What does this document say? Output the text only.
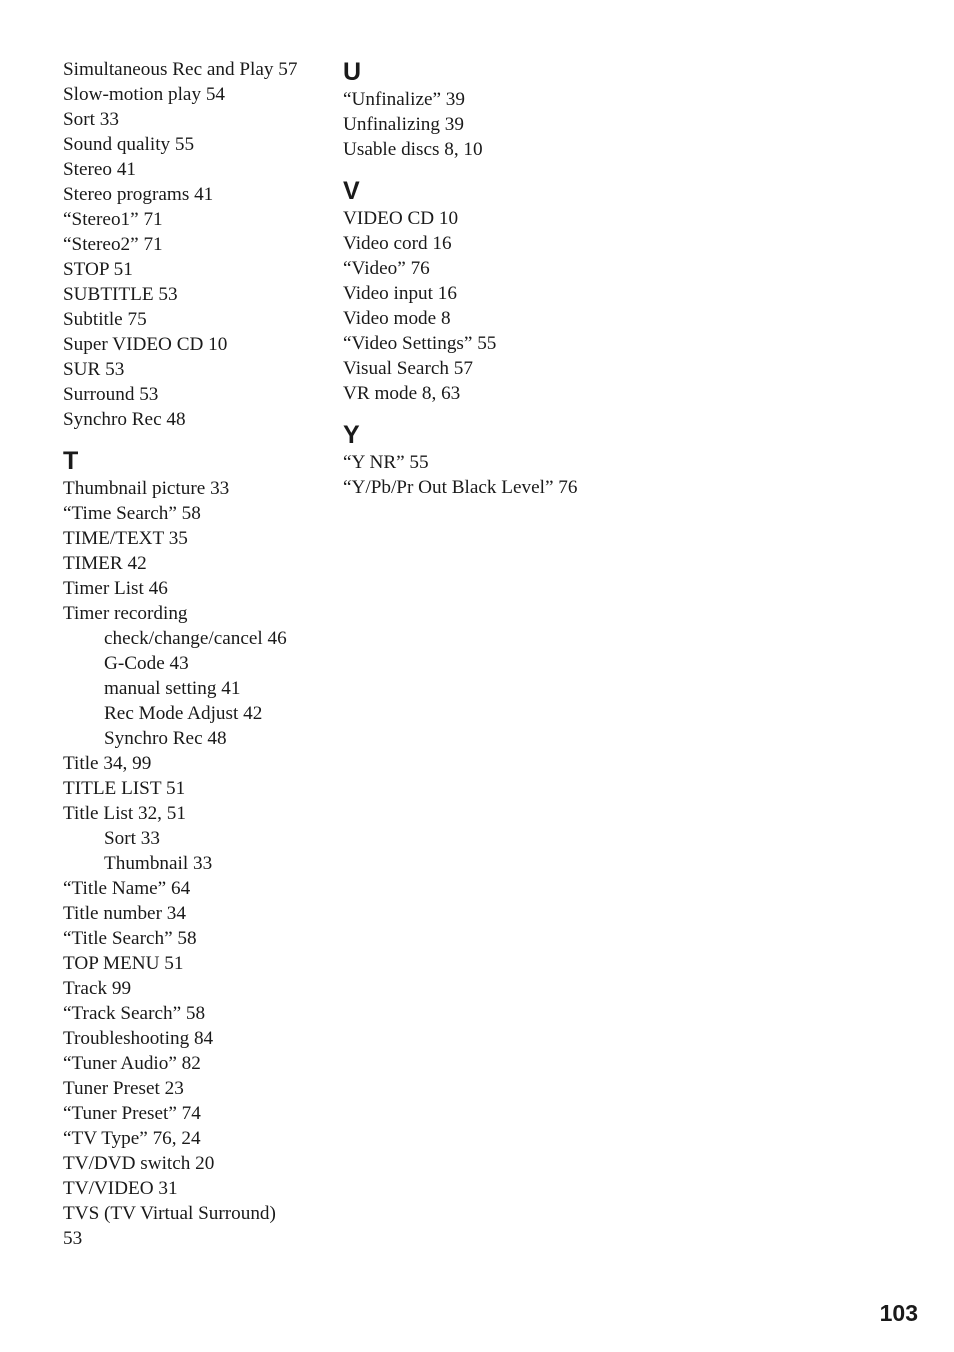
Simultaneous Rec and Play 57
Slow-motion play 54
Sort 33
Sound quality 55
Stereo 41
Stereo programs 41
“Stereo1” 71
“Stereo2” 71
STOP 51
SUBTITLE 53
Subtitle 75
Super VIDEO CD 10
SUR 53
Surround 53
Synchro Rec 48
T
Thumbnail picture 33
“Time Search” 58
TIME/TEXT 35
TIMER 42
Timer List 46
Timer recording
check/change/cancel 46
G-Code 43
manual setting 41
Rec Mode Adjust 42
Synchro Rec 48
Title 34, 99
TITLE LIST 51
Title List 32, 51
Sort 33
Thumbnail 33
“Title Name” 64
Title number 34
“Title Search” 58
TOP MENU 51
Track 99
“Track Search” 58
Troubleshooting 84
“Tuner Audio” 82
Tuner Preset 23
“Tuner Preset” 74
“TV Type” 76, 24
TV/DVD switch 20
TV/VIDEO 31
TVS (TV Virtual Surround)
53
U
“Unfinalize” 39
Unfinalizing 39
Usable discs 8, 10
V
VIDEO CD 10
Video cord 16
“Video” 76
Video input 16
Video mode 8
“Video Settings” 55
Visual Search 57
VR mode 8, 63
Y
“Y NR” 55
“Y/Pb/Pr Out Black Level” 76
103
